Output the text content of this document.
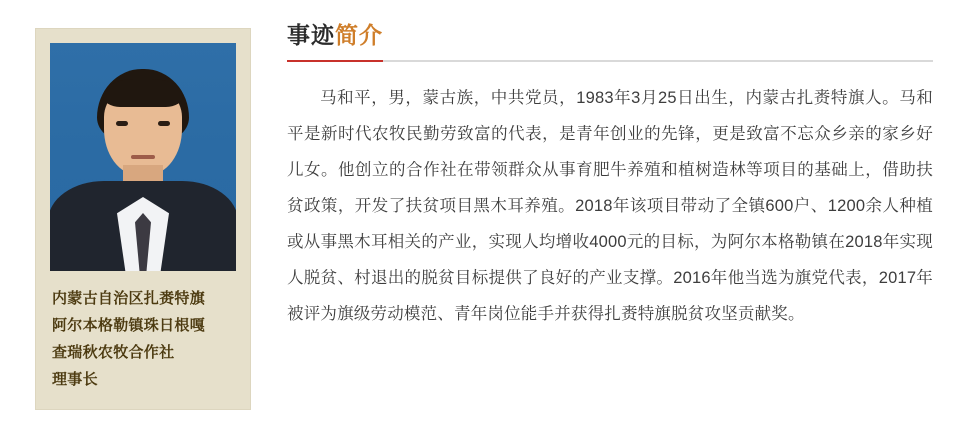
内蒙古自治区扎赉特旗
阿尔本格勒镇珠日根嘎
查瑞秋农牧合作社
理事长
事迹简介
马和平，男，蒙古族，中共党员，1983年3月25日出生，内蒙古扎赉特旗人。马和平是新时代农牧民勤劳致富的代表，是青年创业的先锋，更是致富不忘众乡亲的家乡好儿女。他创立的合作社在带领群众从事育肥牛养殖和植树造林等项目的基础上，借助扶贫政策，开发了扶贫项目黑木耳养殖。2018年该项目带动了全镇600户、1200余人种植或从事黑木耳相关的产业，实现人均增收4000元的目标，为阿尔本格勒镇在2018年实现人脱贫、村退出的脱贫目标提供了良好的产业支撑。2016年他当选为旗党代表，2017年被评为旗级劳动模范、青年岗位能手并获得扎赉特旗脱贫攻坚贡献奖。
